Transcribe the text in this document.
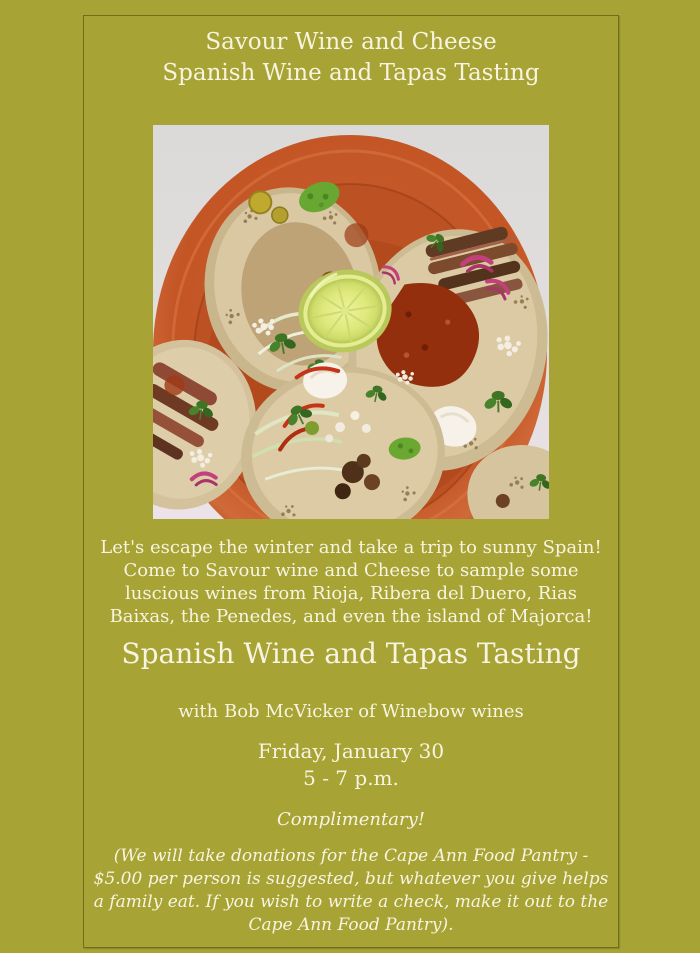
Savour Wine and Cheese
Spanish Wine and Tapas Tasting

Let's escape the winter and take a trip to sunny Spain! Come to Savour wine and Cheese to sample some luscious wines from Rioja, Ribera del Duero, Rias Baixas, the Penedes, and even the island of Majorca!

Spanish Wine and Tapas Tasting

with Bob McVicker of Winebow wines

Friday, January 30
5 - 7 p.m.

Complimentary!

(We will take donations for the Cape Ann Food Pantry - $5.00 per person is suggested, but whatever you give helps a family eat. If you wish to write a check, make it out to the Cape Ann Food Pantry).
